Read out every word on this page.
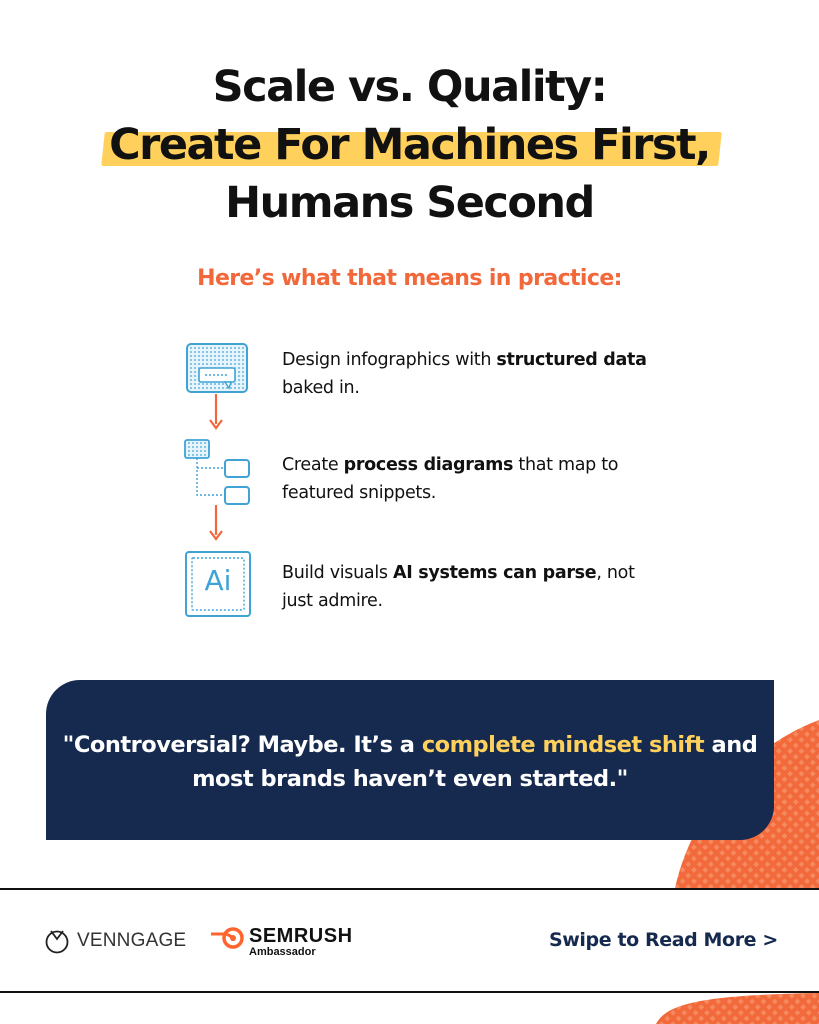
Scale vs. Quality:
Create For Machines First,
Humans Second
Here’s what that means in practice:
Ai
Design infographics with structured data baked in.
Create process diagrams that map to featured snippets.
Build visuals AI systems can parse, not just admire.
"Controversial? Maybe. It’s a complete mindset shift and most brands haven’t even started."
VENNGAGE	SEMRUSH
Ambassador
Swipe to Read More >
